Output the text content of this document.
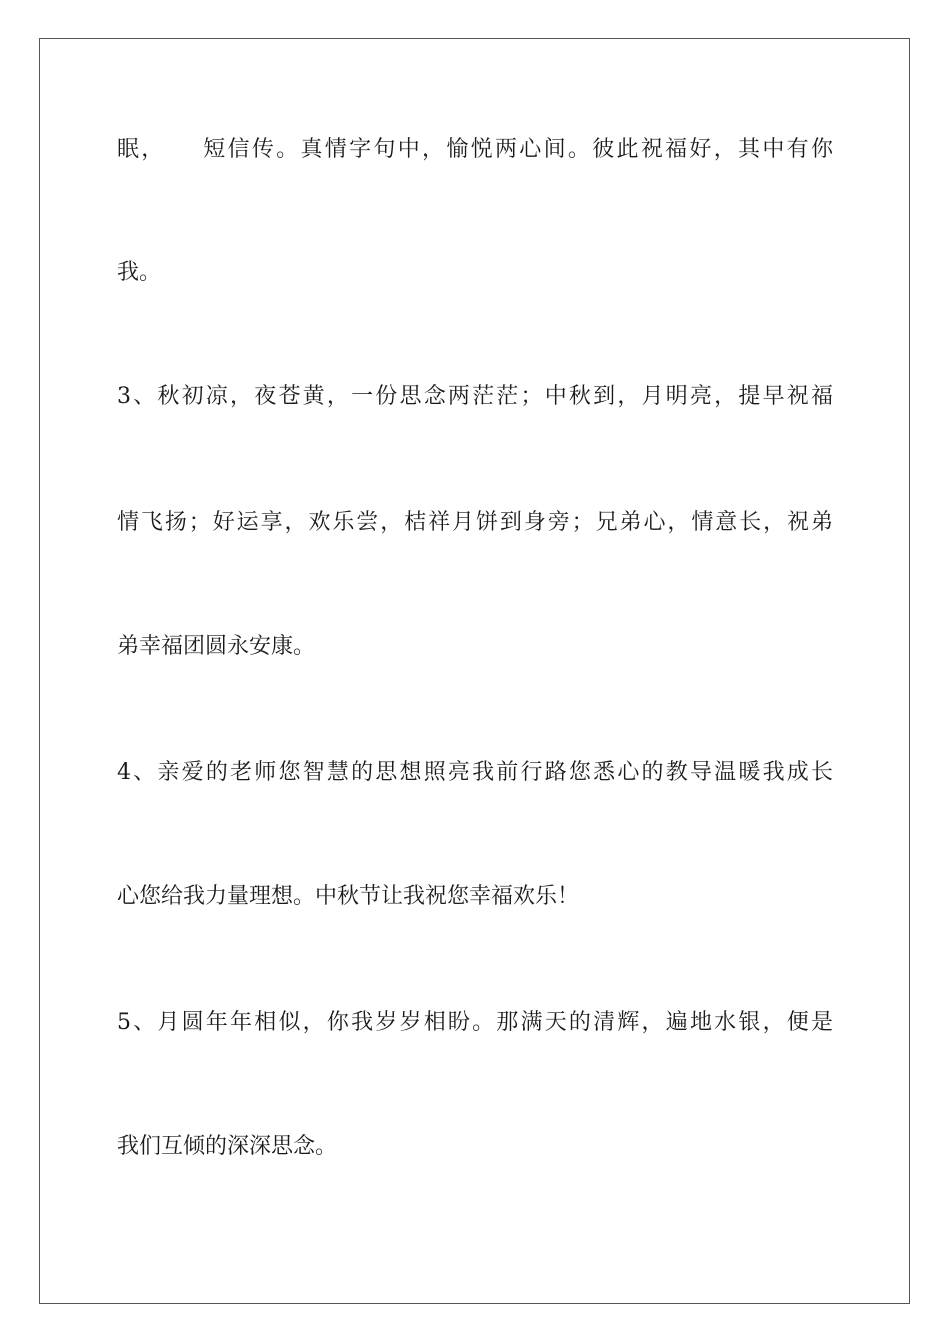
眠，　　短信传。真情字句中，愉悦两心间。彼此祝福好，其中有你

我。

3、秋初凉，夜苍黄，一份思念两茫茫；中秋到，月明亮，提早祝福

情飞扬；好运享，欢乐尝，桔祥月饼到身旁；兄弟心，情意长，祝弟

弟幸福团圆永安康。

4、亲爱的老师您智慧的思想照亮我前行路您悉心的教导温暖我成长

心您给我力量理想。中秋节让我祝您幸福欢乐！

5、月圆年年相似，你我岁岁相盼。那满天的清辉，遍地水银，便是

我们互倾的深深思念。
